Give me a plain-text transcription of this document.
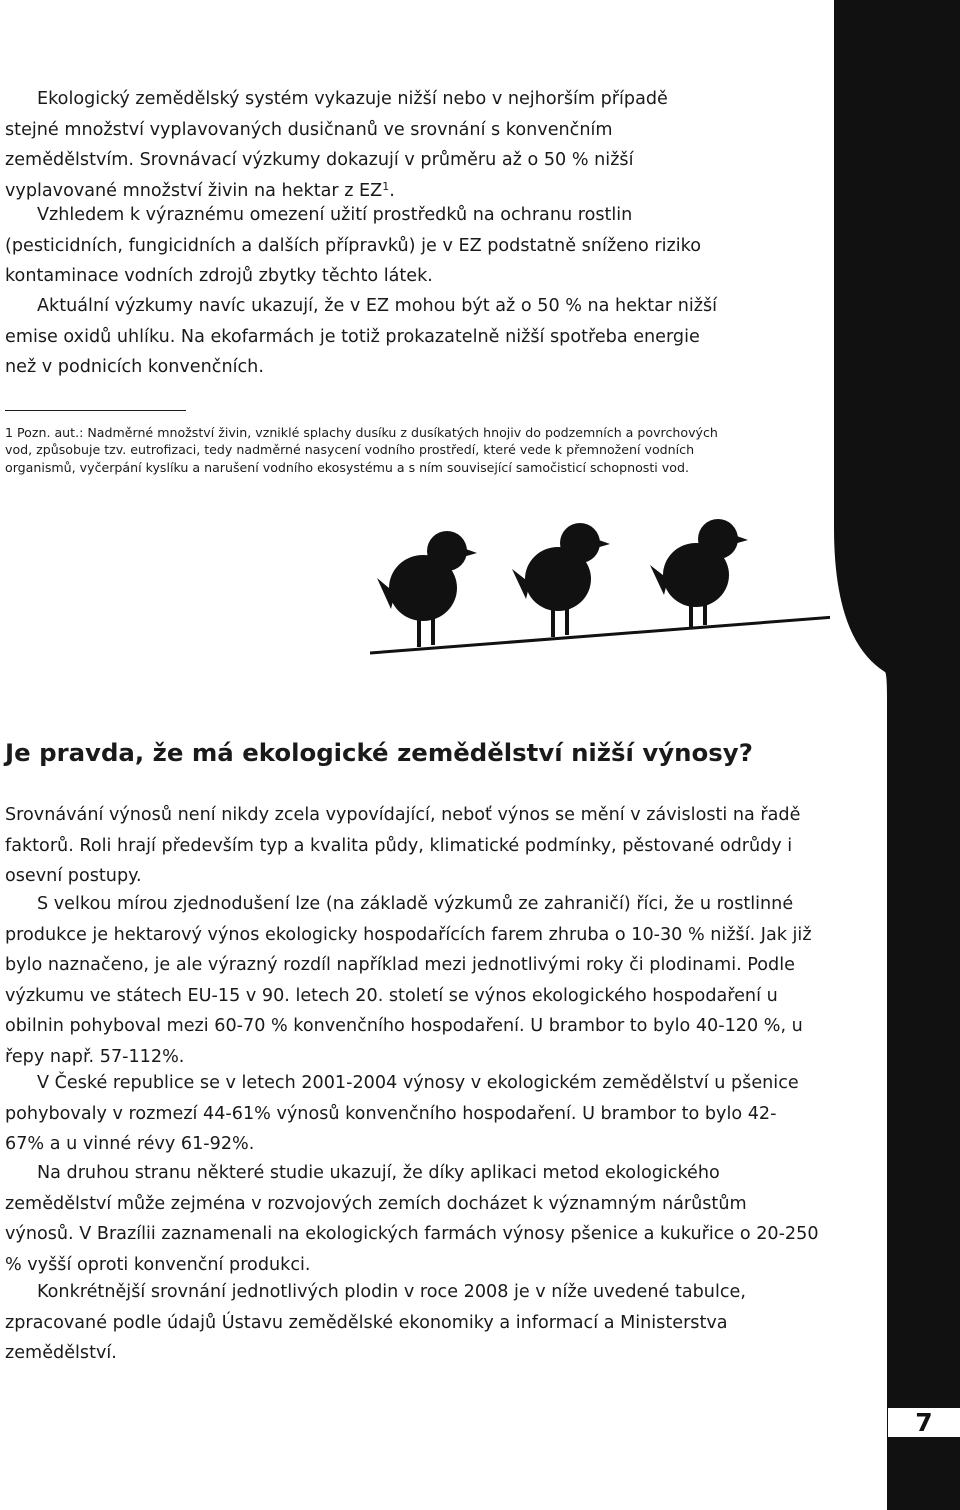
Ekologický zemědělský systém vykazuje nižší nebo v nejhorším případě stejné množství vyplavovaných dusičnanů ve srovnání s konvenčním zemědělstvím. Srovnávací výzkumy dokazují v průměru až o 50 % nižší vyplavované množství živin na hektar z $EZ^1$.

Vzhledem k výraznému omezení užití prostředků na ochranu rostlin (pesticidních, fungicidních a dalších přípravků) je v EZ podstatně sníženo riziko kontaminace vodních zdrojů zbytky těchto látek.

Aktuální výzkumy navíc ukazují, že v EZ mohou být až o 50 % na hektar nižší emise oxidů uhlíku. Na ekofarmách je totiž prokazatelně nižší spotřeba energie než v podnicích konvenčních.

1 Pozn. aut.: Nadměrné množství živin, vzniklé splachy dusíku z dusíkatých hnojiv do podzemních a povrchových vod, způsobuje tzv. eutrofizaci, tedy nadměrné nasycení vodního prostředí, které vede k přemnožení vodních organismů, vyčerpání kyslíku a narušení vodního ekosystému a s ním související samočisticí schopnosti vod.	Ekologické zemědělství
7
Je pravda, že má ekologické zemědělství nižší výnosy?

Srovnávání výnosů není nikdy zcela vypovídající, neboť výnos se mění v závislosti na řadě faktorů. Roli hrají především typ a kvalita půdy, klimatické podmínky, pěstované odrůdy i osevní postupy.

S velkou mírou zjednodušení lze (na základě výzkumů ze zahraničí) říci, že u rostlinné produkce je hektarový výnos ekologicky hospodařících farem zhruba o 10-30 % nižší. Jak již bylo naznačeno, je ale výrazný rozdíl například mezi jednotlivými roky či plodinami. Podle výzkumu ve státech EU-15 v 90. letech 20. století se výnos ekologického hospodaření u obilnin pohyboval mezi 60-70 % konvenčního hospodaření. U brambor to bylo 40-120 %, u řepy např. 57-112%.

V České republice se v letech 2001-2004 výnosy v ekologickém zemědělství u pšenice pohybovaly v rozmezí 44-61% výnosů konvenčního hospodaření. U brambor to bylo 42-67% a u vinné révy 61-92%.

Na druhou stranu některé studie ukazují, že díky aplikaci metod ekologického zemědělství může zejména v rozvojových zemích docházet k významným nárůstům výnosů. V Brazílii zaznamenali na ekologických farmách výnosy pšenice a kukuřice o 20-250 % vyšší oproti konvenční produkci.

Konkrétnější srovnání jednotlivých plodin v roce 2008 je v níže uvedené tabulce, zpracované podle údajů Ústavu zemědělské ekonomiky a informací a Ministerstva zemědělství.
